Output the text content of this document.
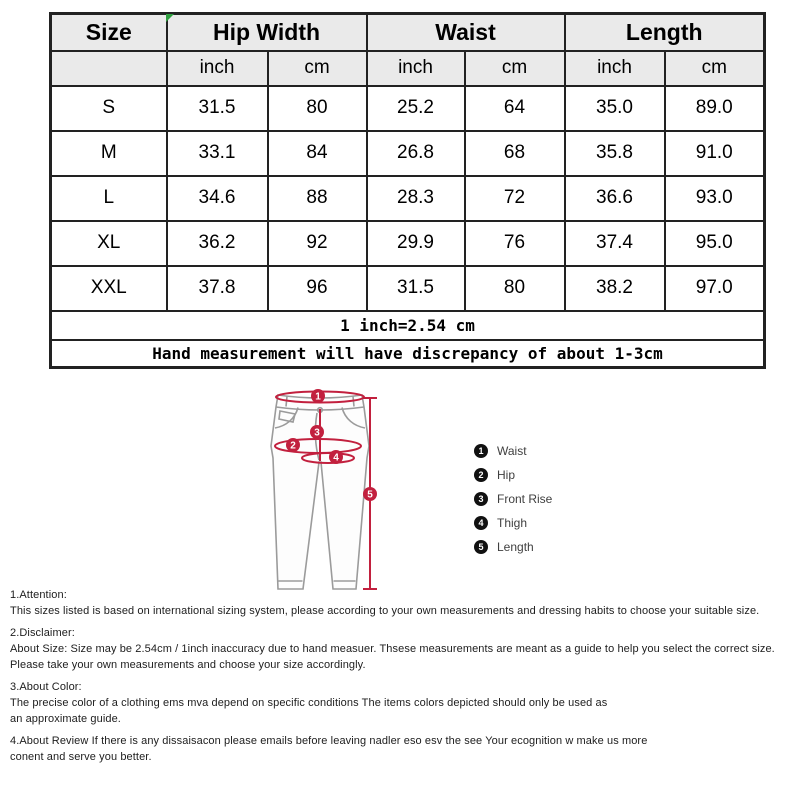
Size	Hip Width		Waist		Length	
	inch	cm	inch	cm	inch	cm
S	31.5	80	25.2	64	35.0	89.0
M	33.1	84	26.8	68	35.8	91.0
L	34.6	88	28.3	72	36.6	93.0
XL	36.2	92	29.9	76	37.4	95.0
XXL	37.8	96	31.5	80	38.2	97.0
1 inch=2.54 cm						
Hand measurement will have discrepancy of about 1-3cm						
1
2
3
4
5
1	Waist
2	Hip
3	Front Rise
4	Thigh
5	Length
1.Attention:
This sizes listed is based on international sizing system, please according to your own measurements and dressing habits to choose your suitable size.
2.Disclaimer:
About Size: Size may be 2.54cm / 1inch inaccuracy due to hand measuer. Thsese measurements are meant as a guide to help you select the correct size.
Please take your own measurements and choose your size accordingly.
3.About Color:
The precise color of a clothing ems mva depend on specific conditions The items colors depicted should only be used as
an approximate guide.
4.About Review If there is any dissaisacon please emails before leaving nadler eso esv the see Your ecognition w make us more
conent and serve you better.
